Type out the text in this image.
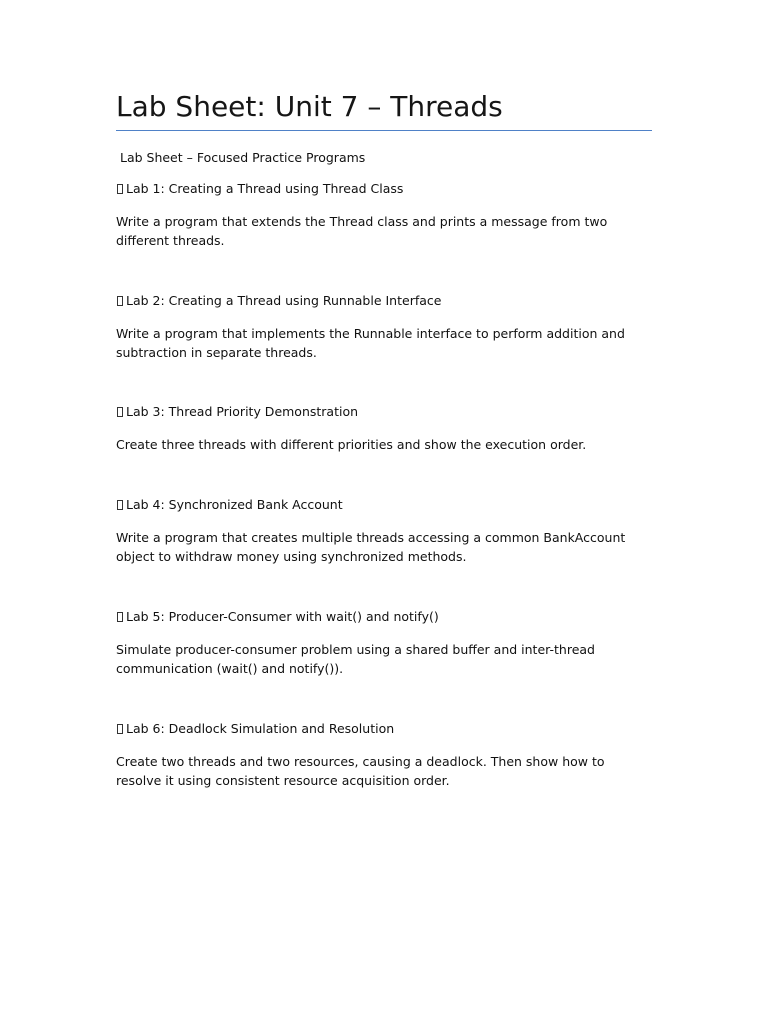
Lab Sheet: Unit 7 – Threads

Lab Sheet – Focused Practice Programs

Lab 1: Creating a Thread using Thread Class

Write a program that extends the Thread class and prints a message from two different threads.

Lab 2: Creating a Thread using Runnable Interface

Write a program that implements the Runnable interface to perform addition and subtraction in separate threads.

Lab 3: Thread Priority Demonstration

Create three threads with different priorities and show the execution order.

Lab 4: Synchronized Bank Account

Write a program that creates multiple threads accessing a common BankAccount object to withdraw money using synchronized methods.

Lab 5: Producer-Consumer with wait() and notify()

Simulate producer-consumer problem using a shared buffer and inter-thread communication (wait() and notify()).

Lab 6: Deadlock Simulation and Resolution

Create two threads and two resources, causing a deadlock. Then show how to resolve it using consistent resource acquisition order.
